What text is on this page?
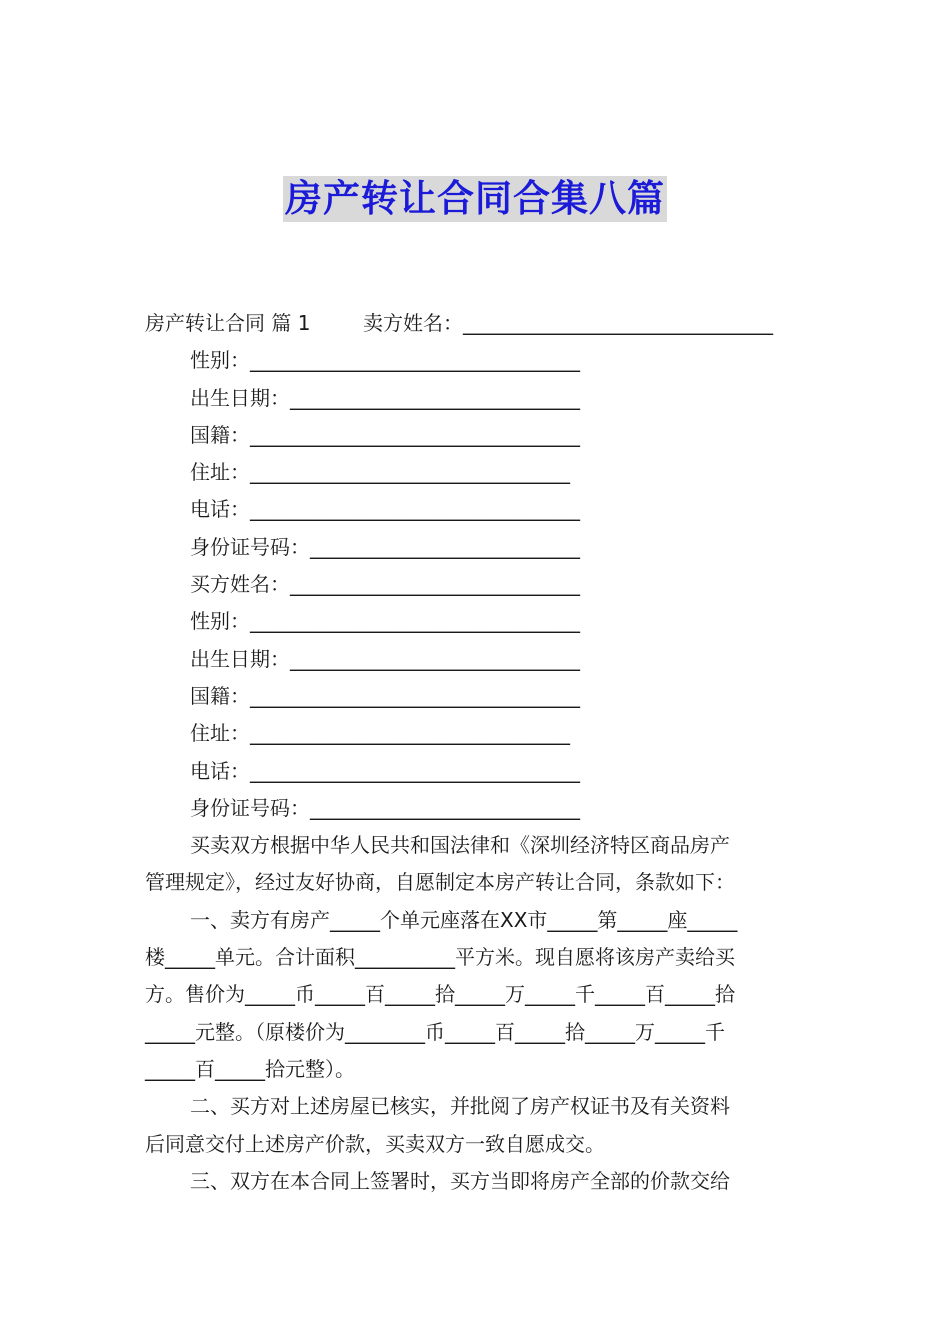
房产转让合同合集八篇
房产转让合同 篇 1	卖方姓名：_______________________________
性别：_________________________________
出生日期：_____________________________
国籍：_________________________________
住址：________________________________
电话：_________________________________
身份证号码：___________________________
买方姓名：_____________________________
性别：_________________________________
出生日期：_____________________________
国籍：_________________________________
住址：________________________________
电话：_________________________________
身份证号码：___________________________
买卖双方根据中华人民共和国法律和《深圳经济特区商品房产
管理规定》，经过友好协商，自愿制定本房产转让合同，条款如下：
一、卖方有房产_____个单元座落在XX市_____第_____座_____
楼_____单元。合计面积__________平方米。现自愿将该房产卖给买
方。售价为_____币_____百_____拾_____万_____千_____百_____拾
_____元整。（原楼价为________币_____百_____拾_____万_____千
_____百_____拾元整）。
二、买方对上述房屋已核实，并批阅了房产权证书及有关资料
后同意交付上述房产价款，买卖双方一致自愿成交。
三、双方在本合同上签署时，买方当即将房产全部的价款交给
